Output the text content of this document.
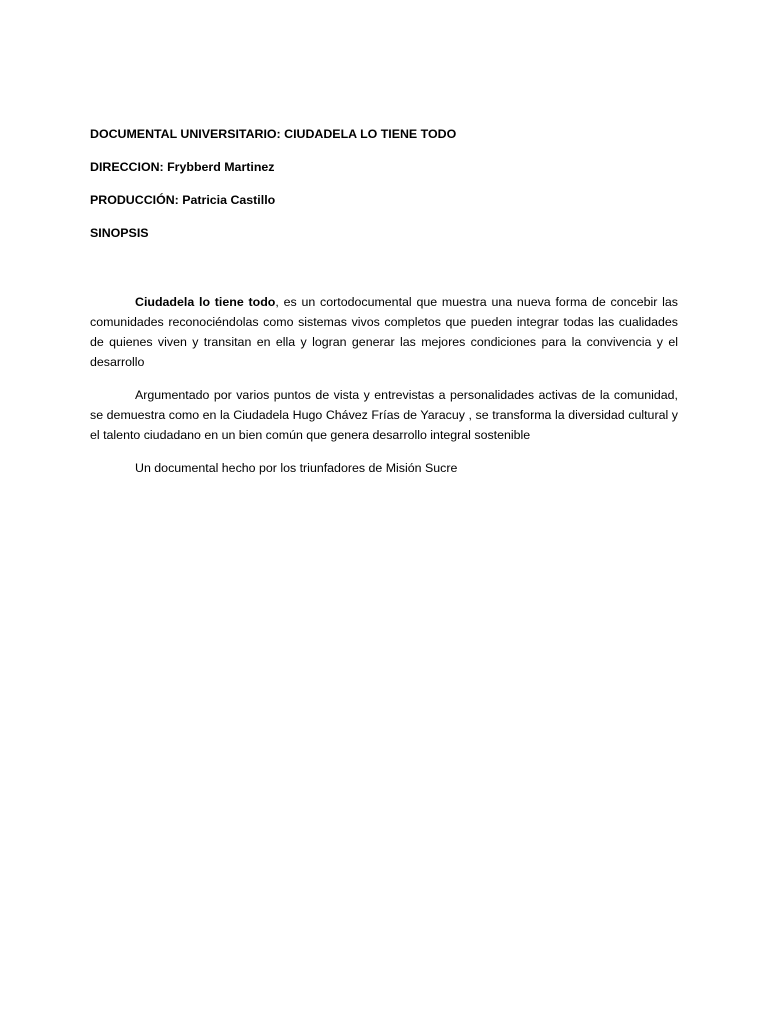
DOCUMENTAL UNIVERSITARIO: CIUDADELA LO TIENE TODO
DIRECCION: Frybberd Martinez
PRODUCCIÓN: Patricia Castillo
SINOPSIS

Ciudadela lo tiene todo, es un cortodocumental que muestra una nueva forma de concebir las comunidades reconociéndolas como sistemas vivos completos que pueden integrar todas las cualidades de quienes viven y transitan en ella y logran generar las mejores condiciones para la convivencia y el desarrollo

Argumentado por varios puntos de vista y entrevistas a personalidades activas de la comunidad, se demuestra como en la Ciudadela Hugo Chávez Frías de Yaracuy , se transforma la diversidad cultural y el talento ciudadano en un bien común que genera desarrollo integral sostenible

Un documental hecho por los triunfadores de Misión Sucre
